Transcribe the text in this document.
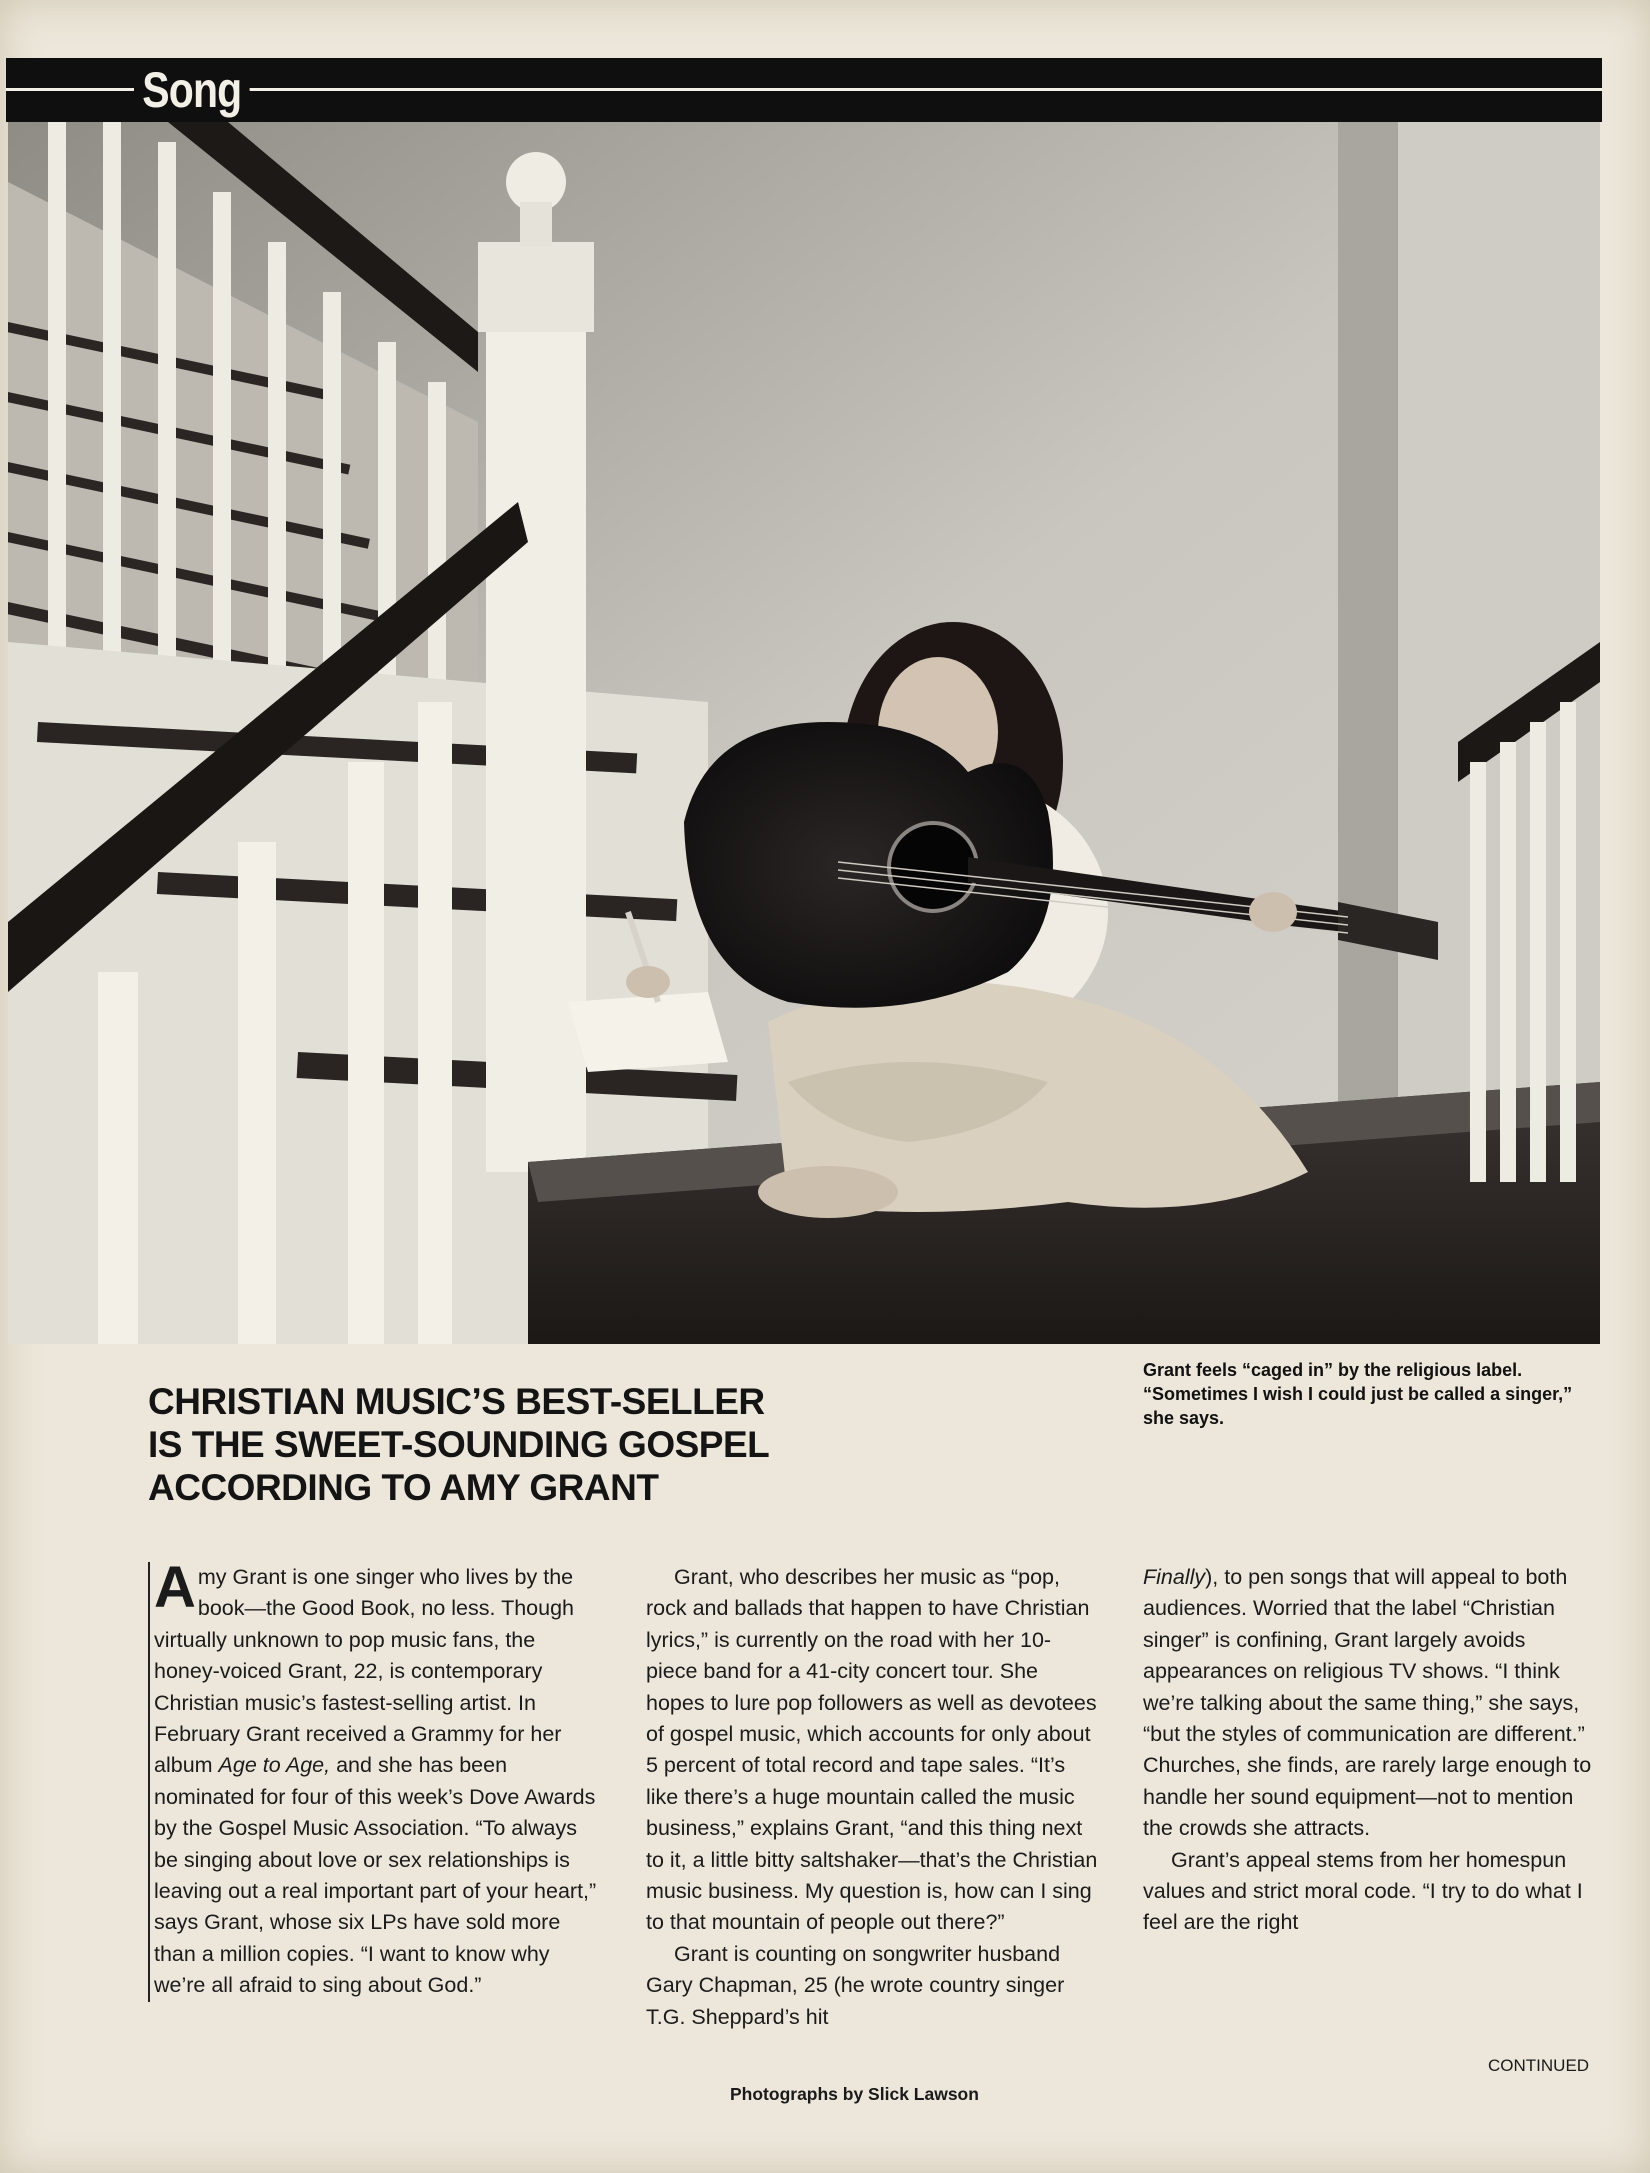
Song
Grant feels “caged in” by the religious label. “Sometimes I wish I could just be called a singer,” she says.
CHRISTIAN MUSIC’S BEST-SELLER
IS THE SWEET-SOUNDING GOSPEL
ACCORDING TO AMY GRANT

Amy Grant is one singer who lives by the book—the Good Book, no less. Though virtually unknown to pop music fans, the honey-voiced Grant, 22, is contemporary Christian music’s fastest-selling artist. In February Grant received a Grammy for her album Age to Age, and she has been nominated for four of this week’s Dove Awards by the Gospel Music Association. “To always be singing about love or sex relationships is leaving out a real important part of your heart,” says Grant, whose six LPs have sold more than a million copies. “I want to know why we’re all afraid to sing about God.”

Grant, who describes her music as “pop, rock and ballads that happen to have Christian lyrics,” is currently on the road with her 10-piece band for a 41-city concert tour. She hopes to lure pop followers as well as devotees of gospel music, which accounts for only about 5 percent of total record and tape sales. “It’s like there’s a huge mountain called the music business,” explains Grant, “and this thing next to it, a little bitty saltshaker—that’s the Christian music business. My question is, how can I sing to that mountain of people out there?”

Grant is counting on songwriter husband Gary Chapman, 25 (he wrote country singer T.G. Sheppard’s hit

Finally), to pen songs that will appeal to both audiences. Worried that the label “Christian singer” is confining, Grant largely avoids appearances on religious TV shows. “I think we’re talking about the same thing,” she says, “but the styles of communication are different.” Churches, she finds, are rarely large enough to handle her sound equipment—not to mention the crowds she attracts.

Grant’s appeal stems from her homespun values and strict moral code. “I try to do what I feel are the right

CONTINUED
Photographs by Slick Lawson
